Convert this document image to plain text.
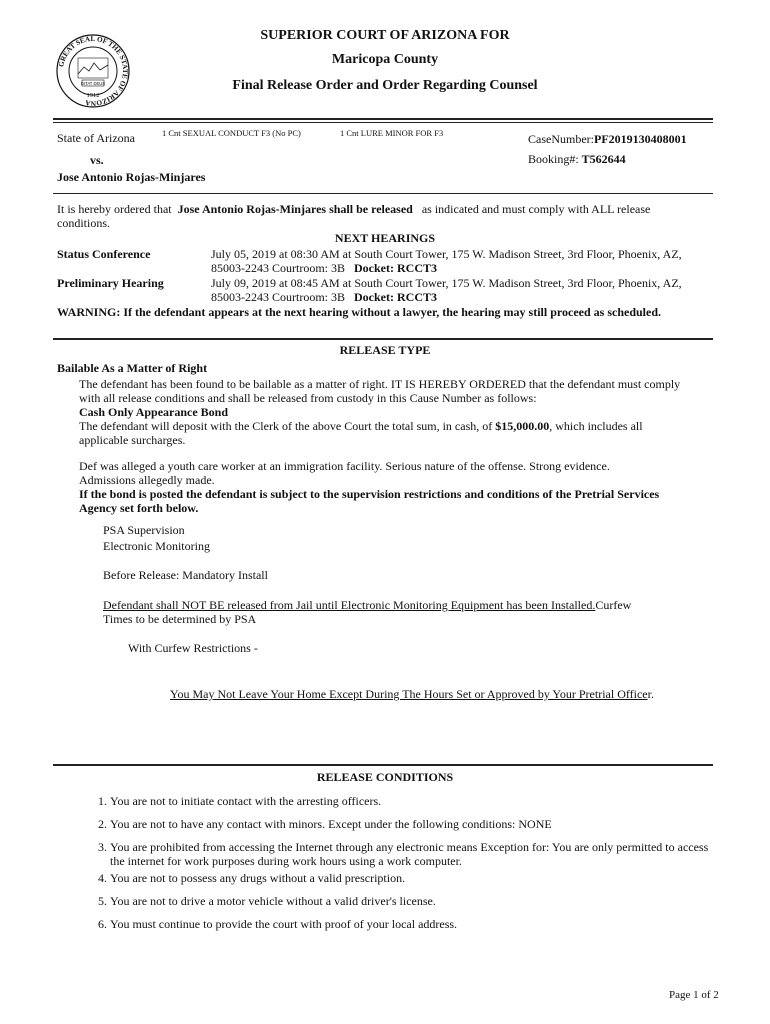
GREAT SEAL OF THE STATE OF ARIZONA
DITAT DEUS
1912
SUPERIOR COURT OF ARIZONA FOR
Maricopa County
Final Release Order and Order Regarding Counsel
State of Arizona	1 Cnt SEXUAL CONDUCT F3 (No PC)	1 Cnt LURE MINOR FOR F3	CaseNumber:PF2019130408001
vs.	Booking#: T562644
Jose Antonio Rojas-Minjares
It is hereby ordered that Jose Antonio Rojas-Minjares shall be released as indicated and must comply with ALL release
conditions.
NEXT HEARINGS
Status Conference	July 05, 2019 at 08:30 AM at South Court Tower, 175 W. Madison Street, 3rd Floor, Phoenix, AZ,
85003-2243 Courtroom: 3B Docket: RCCT3
Preliminary Hearing	July 09, 2019 at 08:45 AM at South Court Tower, 175 W. Madison Street, 3rd Floor, Phoenix, AZ,
85003-2243 Courtroom: 3B Docket: RCCT3
WARNING: If the defendant appears at the next hearing without a lawyer, the hearing may still proceed as scheduled.
RELEASE TYPE
Bailable As a Matter of Right
The defendant has been found to be bailable as a matter of right. IT IS HEREBY ORDERED that the defendant must comply
with all release conditions and shall be released from custody in this Cause Number as follows:
Cash Only Appearance Bond
The defendant will deposit with the Clerk of the above Court the total sum, in cash, of $15,000.00, which includes all
applicable surcharges.
Def was alleged a youth care worker at an immigration facility. Serious nature of the offense. Strong evidence.
Admissions allegedly made.
If the bond is posted the defendant is subject to the supervision restrictions and conditions of the Pretrial Services
Agency set forth below.
PSA Supervision
Electronic Monitoring
Before Release: Mandatory Install
Defendant shall NOT BE released from Jail until Electronic Monitoring Equipment has been Installed.Curfew
Times to be determined by PSA
With Curfew Restrictions -
You May Not Leave Your Home Except During The Hours Set or Approved by Your Pretrial Officer.
RELEASE CONDITIONS
1. You are not to initiate contact with the arresting officers.
2. You are not to have any contact with minors. Except under the following conditions: NONE
3. You are prohibited from accessing the Internet through any electronic means Exception for: You are only permitted to access the internet for work purposes during work hours using a work computer.
4. You are not to possess any drugs without a valid prescription.
5. You are not to drive a motor vehicle without a valid driver's license.
6. You must continue to provide the court with proof of your local address.
Page 1 of 2
